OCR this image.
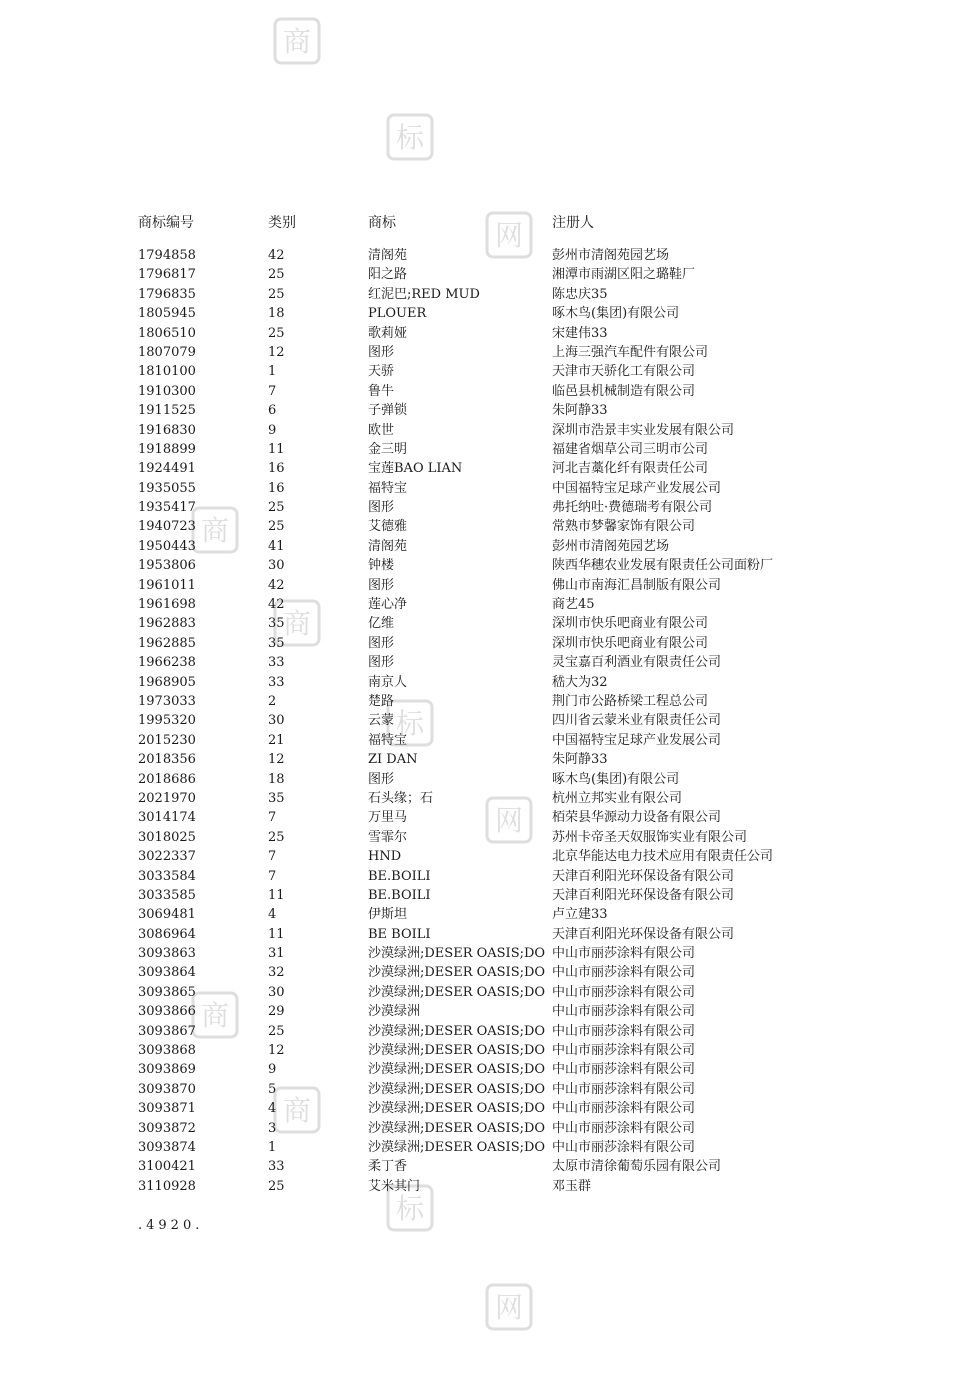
商
标
网
商
商
标
网
商
商
标
网
商标编号	类别	商标	注册人
1794858	42	清阁苑	彭州市清阁苑园艺场
1796817	25	阳之路	湘潭市雨湖区阳之璐鞋厂
1796835	25	红泥巴;RED MUD	陈忠庆35
1805945	18	PLOUER	啄木鸟(集团)有限公司
1806510	25	歌莉娅	宋建伟33
1807079	12	图形	上海三强汽车配件有限公司
1810100	1	天骄	天津市天骄化工有限公司
1910300	7	鲁牛	临邑县机械制造有限公司
1911525	6	子弹锁	朱阿静33
1916830	9	欧世	深圳市浩景丰实业发展有限公司
1918899	11	金三明	福建省烟草公司三明市公司
1924491	16	宝莲BAO LIAN	河北吉藁化纤有限责任公司
1935055	16	福特宝	中国福特宝足球产业发展公司
1935417	25	图形	弗托纳吐·费德瑞考有限公司
1940723	25	艾德雅	常熟市梦馨家饰有限公司
1950443	41	清阁苑	彭州市清阁苑园艺场
1953806	30	钟楼	陕西华穗农业发展有限责任公司面粉厂
1961011	42	图形	佛山市南海汇昌制版有限公司
1961698	42	莲心净	商艺45
1962883	35	亿维	深圳市快乐吧商业有限公司
1962885	35	图形	深圳市快乐吧商业有限公司
1966238	33	图形	灵宝嘉百利酒业有限责任公司
1968905	33	南京人	嵇大为32
1973033	2	楚路	荆门市公路桥梁工程总公司
1995320	30	云蒙	四川省云蒙米业有限责任公司
2015230	21	福特宝	中国福特宝足球产业发展公司
2018356	12	ZI DAN	朱阿静33
2018686	18	图形	啄木鸟(集团)有限公司
2021970	35	石头缘；石	杭州立邦实业有限公司
3014174	7	万里马	栢荣县华源动力设备有限公司
3018025	25	雪霏尔	苏州卡帝圣天奴服饰实业有限公司
3022337	7	HND	北京华能达电力技术应用有限责任公司
3033584	7	BE.BOILI	天津百利阳光环保设备有限公司
3033585	11	BE.BOILI	天津百利阳光环保设备有限公司
3069481	4	伊斯坦	卢立建33
3086964	11	BE BOILI	天津百利阳光环保设备有限公司
3093863	31	沙漠绿洲;DESER OASIS;DO 中山市丽莎涂料有限公司
3093864	32	沙漠绿洲;DESER OASIS;DO 中山市丽莎涂料有限公司
3093865	30	沙漠绿洲;DESER OASIS;DO 中山市丽莎涂料有限公司
3093866	29	沙漠绿洲	中山市丽莎涂料有限公司
3093867	25	沙漠绿洲;DESER OASIS;DO 中山市丽莎涂料有限公司
3093868	12	沙漠绿洲;DESER OASIS;DO 中山市丽莎涂料有限公司
3093869	9	沙漠绿洲;DESER OASIS;DO 中山市丽莎涂料有限公司
3093870	5	沙漠绿洲;DESER OASIS;DO 中山市丽莎涂料有限公司
3093871	4	沙漠绿洲;DESER OASIS;DO 中山市丽莎涂料有限公司
3093872	3	沙漠绿洲;DESER OASIS;DO 中山市丽莎涂料有限公司
3093874	1	沙漠绿洲;DESER OASIS;DO 中山市丽莎涂料有限公司
3100421	33	柔丁香	太原市清徐葡萄乐园有限公司
3110928	25	艾米其门	邓玉群
.4920.
